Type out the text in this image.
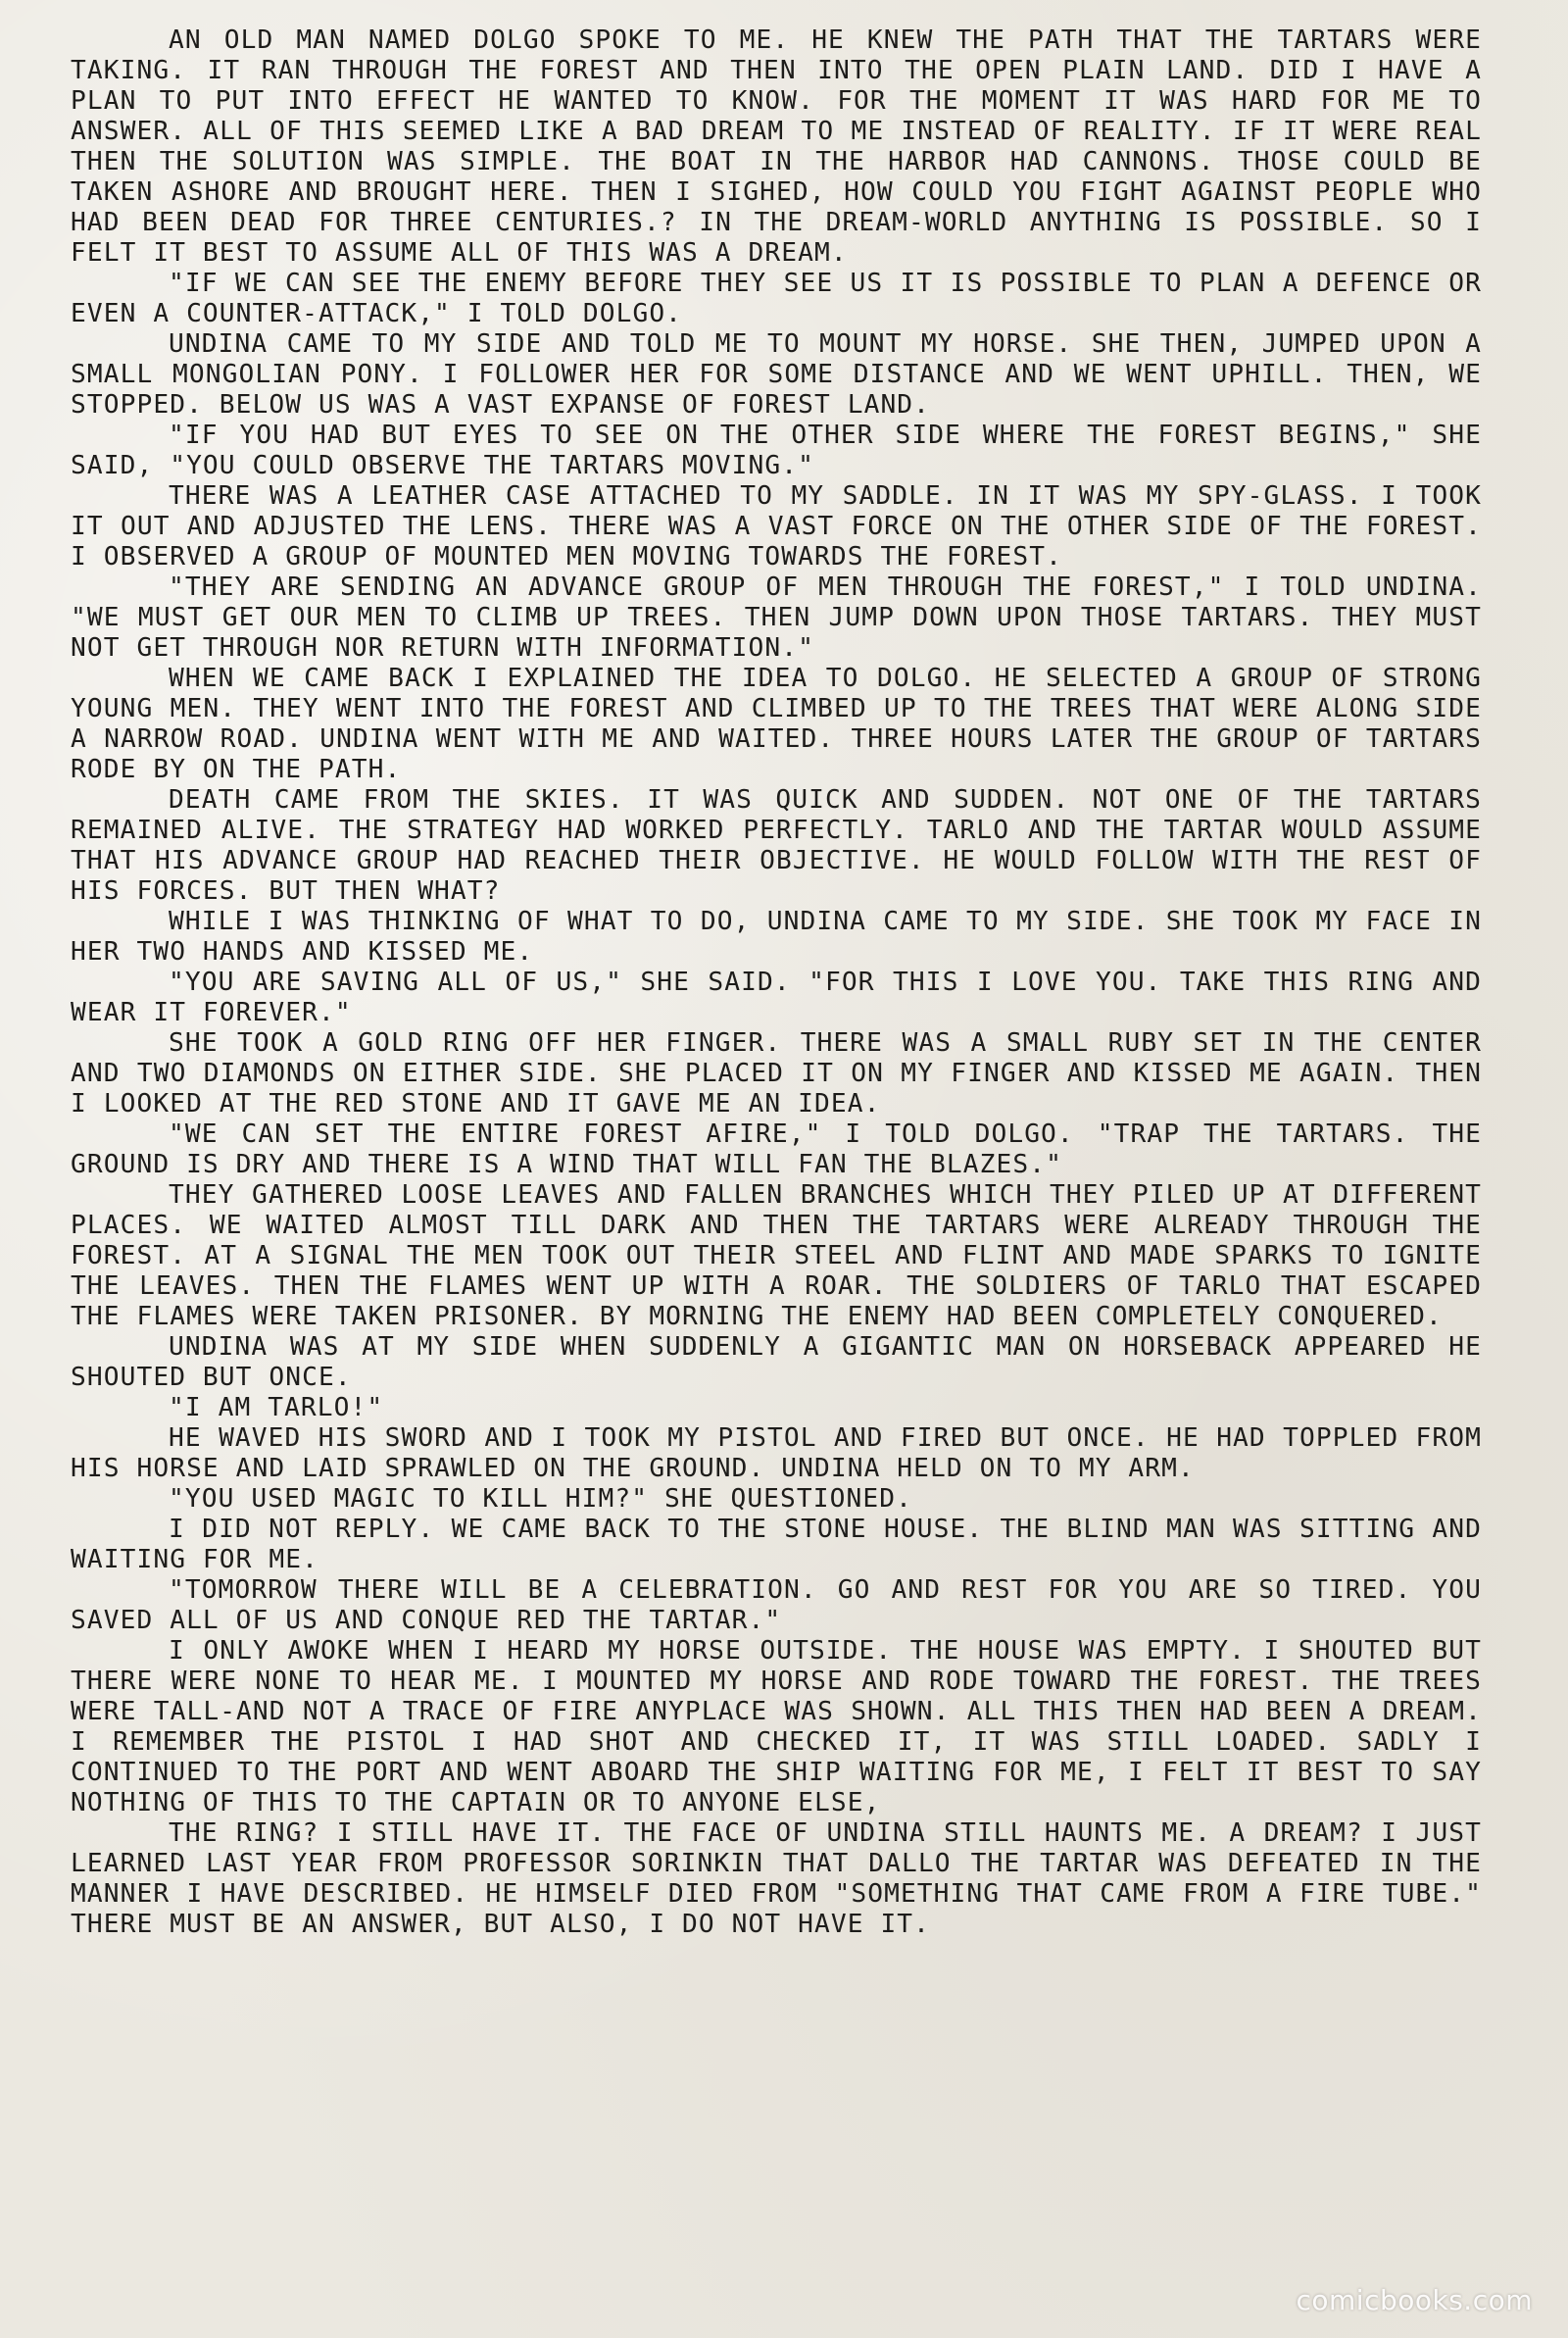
AN OLD MAN NAMED DOLGO SPOKE TO ME. HE KNEW THE PATH THAT THE TARTARS WERE TAKING. IT RAN THROUGH THE FOREST AND THEN INTO THE OPEN PLAIN LAND. DID I HAVE A PLAN TO PUT INTO EFFECT HE WANTED TO KNOW. FOR THE MOMENT IT WAS HARD FOR ME TO ANSWER. ALL OF THIS SEEMED LIKE A BAD DREAM TO ME INSTEAD OF REALITY. IF IT WERE REAL THEN THE SOLUTION WAS SIMPLE. THE BOAT IN THE HARBOR HAD CANNONS. THOSE COULD BE TAKEN ASHORE AND BROUGHT HERE. THEN I SIGHED, HOW COULD YOU FIGHT AGAINST PEOPLE WHO HAD BEEN DEAD FOR THREE CENTURIES.? IN THE DREAM-WORLD ANYTHING IS POSSIBLE. SO I FELT IT BEST TO ASSUME ALL OF THIS WAS A DREAM.

"IF WE CAN SEE THE ENEMY BEFORE THEY SEE US IT IS POSSIBLE TO PLAN A DEFENCE OR EVEN A COUNTER-ATTACK," I TOLD DOLGO.

UNDINA CAME TO MY SIDE AND TOLD ME TO MOUNT MY HORSE. SHE THEN, JUMPED UPON A SMALL MONGOLIAN PONY. I FOLLOWER HER FOR SOME DISTANCE AND WE WENT UPHILL. THEN, WE STOPPED. BELOW US WAS A VAST EXPANSE OF FOREST LAND.

"IF YOU HAD BUT EYES TO SEE ON THE OTHER SIDE WHERE THE FOREST BEGINS," SHE SAID, "YOU COULD OBSERVE THE TARTARS MOVING."

THERE WAS A LEATHER CASE ATTACHED TO MY SADDLE. IN IT WAS MY SPY-GLASS. I TOOK IT OUT AND ADJUSTED THE LENS. THERE WAS A VAST FORCE ON THE OTHER SIDE OF THE FOREST. I OBSERVED A GROUP OF MOUNTED MEN MOVING TOWARDS THE FOREST.

"THEY ARE SENDING AN ADVANCE GROUP OF MEN THROUGH THE FOREST," I TOLD UNDINA. "WE MUST GET OUR MEN TO CLIMB UP TREES. THEN JUMP DOWN UPON THOSE TARTARS. THEY MUST NOT GET THROUGH NOR RETURN WITH INFORMATION."

WHEN WE CAME BACK I EXPLAINED THE IDEA TO DOLGO. HE SELECTED A GROUP OF STRONG YOUNG MEN. THEY WENT INTO THE FOREST AND CLIMBED UP TO THE TREES THAT WERE ALONG SIDE A NARROW ROAD. UNDINA WENT WITH ME AND WAITED. THREE HOURS LATER THE GROUP OF TARTARS RODE BY ON THE PATH.

DEATH CAME FROM THE SKIES. IT WAS QUICK AND SUDDEN. NOT ONE OF THE TARTARS REMAINED ALIVE. THE STRATEGY HAD WORKED PERFECTLY. TARLO AND THE TARTAR WOULD ASSUME THAT HIS ADVANCE GROUP HAD REACHED THEIR OBJECTIVE. HE WOULD FOLLOW WITH THE REST OF HIS FORCES. BUT THEN WHAT?

WHILE I WAS THINKING OF WHAT TO DO, UNDINA CAME TO MY SIDE. SHE TOOK MY FACE IN HER TWO HANDS AND KISSED ME.

"YOU ARE SAVING ALL OF US," SHE SAID. "FOR THIS I LOVE YOU. TAKE THIS RING AND WEAR IT FOREVER."

SHE TOOK A GOLD RING OFF HER FINGER. THERE WAS A SMALL RUBY SET IN THE CENTER AND TWO DIAMONDS ON EITHER SIDE. SHE PLACED IT ON MY FINGER AND KISSED ME AGAIN. THEN I LOOKED AT THE RED STONE AND IT GAVE ME AN IDEA.

"WE CAN SET THE ENTIRE FOREST AFIRE," I TOLD DOLGO. "TRAP THE TARTARS. THE GROUND IS DRY AND THERE IS A WIND THAT WILL FAN THE BLAZES."

THEY GATHERED LOOSE LEAVES AND FALLEN BRANCHES WHICH THEY PILED UP AT DIFFERENT PLACES. WE WAITED ALMOST TILL DARK AND THEN THE TARTARS WERE ALREADY THROUGH THE FOREST. AT A SIGNAL THE MEN TOOK OUT THEIR STEEL AND FLINT AND MADE SPARKS TO IGNITE THE LEAVES. THEN THE FLAMES WENT UP WITH A ROAR. THE SOLDIERS OF TARLO THAT ESCAPED THE FLAMES WERE TAKEN PRISONER. BY MORNING THE ENEMY HAD BEEN COMPLETELY CONQUERED.

UNDINA WAS AT MY SIDE WHEN SUDDENLY A GIGANTIC MAN ON HORSEBACK APPEARED HE SHOUTED BUT ONCE.

"I AM TARLO!"

HE WAVED HIS SWORD AND I TOOK MY PISTOL AND FIRED BUT ONCE. HE HAD TOPPLED FROM HIS HORSE AND LAID SPRAWLED ON THE GROUND. UNDINA HELD ON TO MY ARM.

"YOU USED MAGIC TO KILL HIM?" SHE QUESTIONED.

I DID NOT REPLY. WE CAME BACK TO THE STONE HOUSE. THE BLIND MAN WAS SITTING AND WAITING FOR ME.

"TOMORROW THERE WILL BE A CELEBRATION. GO AND REST FOR YOU ARE SO TIRED. YOU SAVED ALL OF US AND CONQUE RED THE TARTAR."

I ONLY AWOKE WHEN I HEARD MY HORSE OUTSIDE. THE HOUSE WAS EMPTY. I SHOUTED BUT THERE WERE NONE TO HEAR ME. I MOUNTED MY HORSE AND RODE TOWARD THE FOREST. THE TREES WERE TALL-AND NOT A TRACE OF FIRE ANYPLACE WAS SHOWN. ALL THIS THEN HAD BEEN A DREAM. I REMEMBER THE PISTOL I HAD SHOT AND CHECKED IT, IT WAS STILL LOADED. SADLY I CONTINUED TO THE PORT AND WENT ABOARD THE SHIP WAITING FOR ME, I FELT IT BEST TO SAY NOTHING OF THIS TO THE CAPTAIN OR TO ANYONE ELSE,

THE RING? I STILL HAVE IT. THE FACE OF UNDINA STILL HAUNTS ME. A DREAM? I JUST LEARNED LAST YEAR FROM PROFESSOR SORINKIN THAT DALLO THE TARTAR WAS DEFEATED IN THE MANNER I HAVE DESCRIBED. HE HIMSELF DIED FROM "SOMETHING THAT CAME FROM A FIRE TUBE." THERE MUST BE AN ANSWER, BUT ALSO, I DO NOT HAVE IT.

comicbooks.com
